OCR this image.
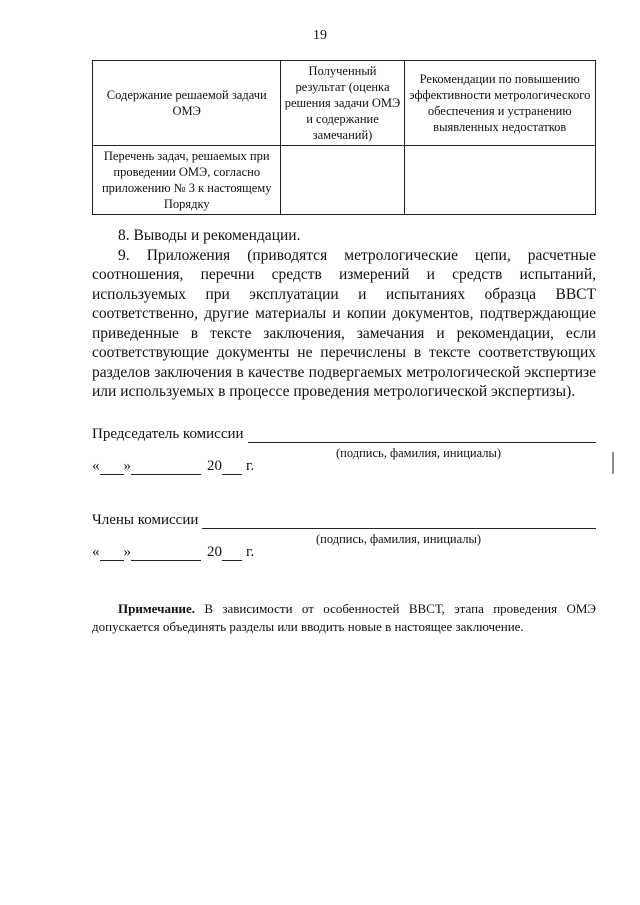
19
Содержание решаемой задачи ОМЭ	Полученный результат (оценка решения задачи ОМЭ и содержание замечаний)	Рекомендации по повышению эффективности метрологического обеспечения и устранению выявленных недостатков
Перечень задач, решаемых при проведении ОМЭ, согласно приложению № 3 к настоящему Порядку		

8. Выводы и рекомендации.

9. Приложения (приводятся метрологические цепи, расчетные соотношения, перечни средств измерений и средств испытаний, используемых при эксплуатации и испытаниях образца ВВСТ соответственно, другие материалы и копии документов, подтверждающие приведенные в тексте заключения, замечания и рекомендации, если соответствующие документы не перечислены в тексте соответствующих разделов заключения в качестве подвергаемых метрологической экспертизе или используемых в процессе проведения метрологической экспертизы).

Председатель комиссии
(подпись, фамилия, инициалы)
« »	20 г.
Члены комиссии
(подпись, фамилия, инициалы)
« »	20 г.

Примечание. В зависимости от особенностей ВВСТ, этапа проведения ОМЭ допускается объединять разделы или вводить новые в настоящее заключение.
